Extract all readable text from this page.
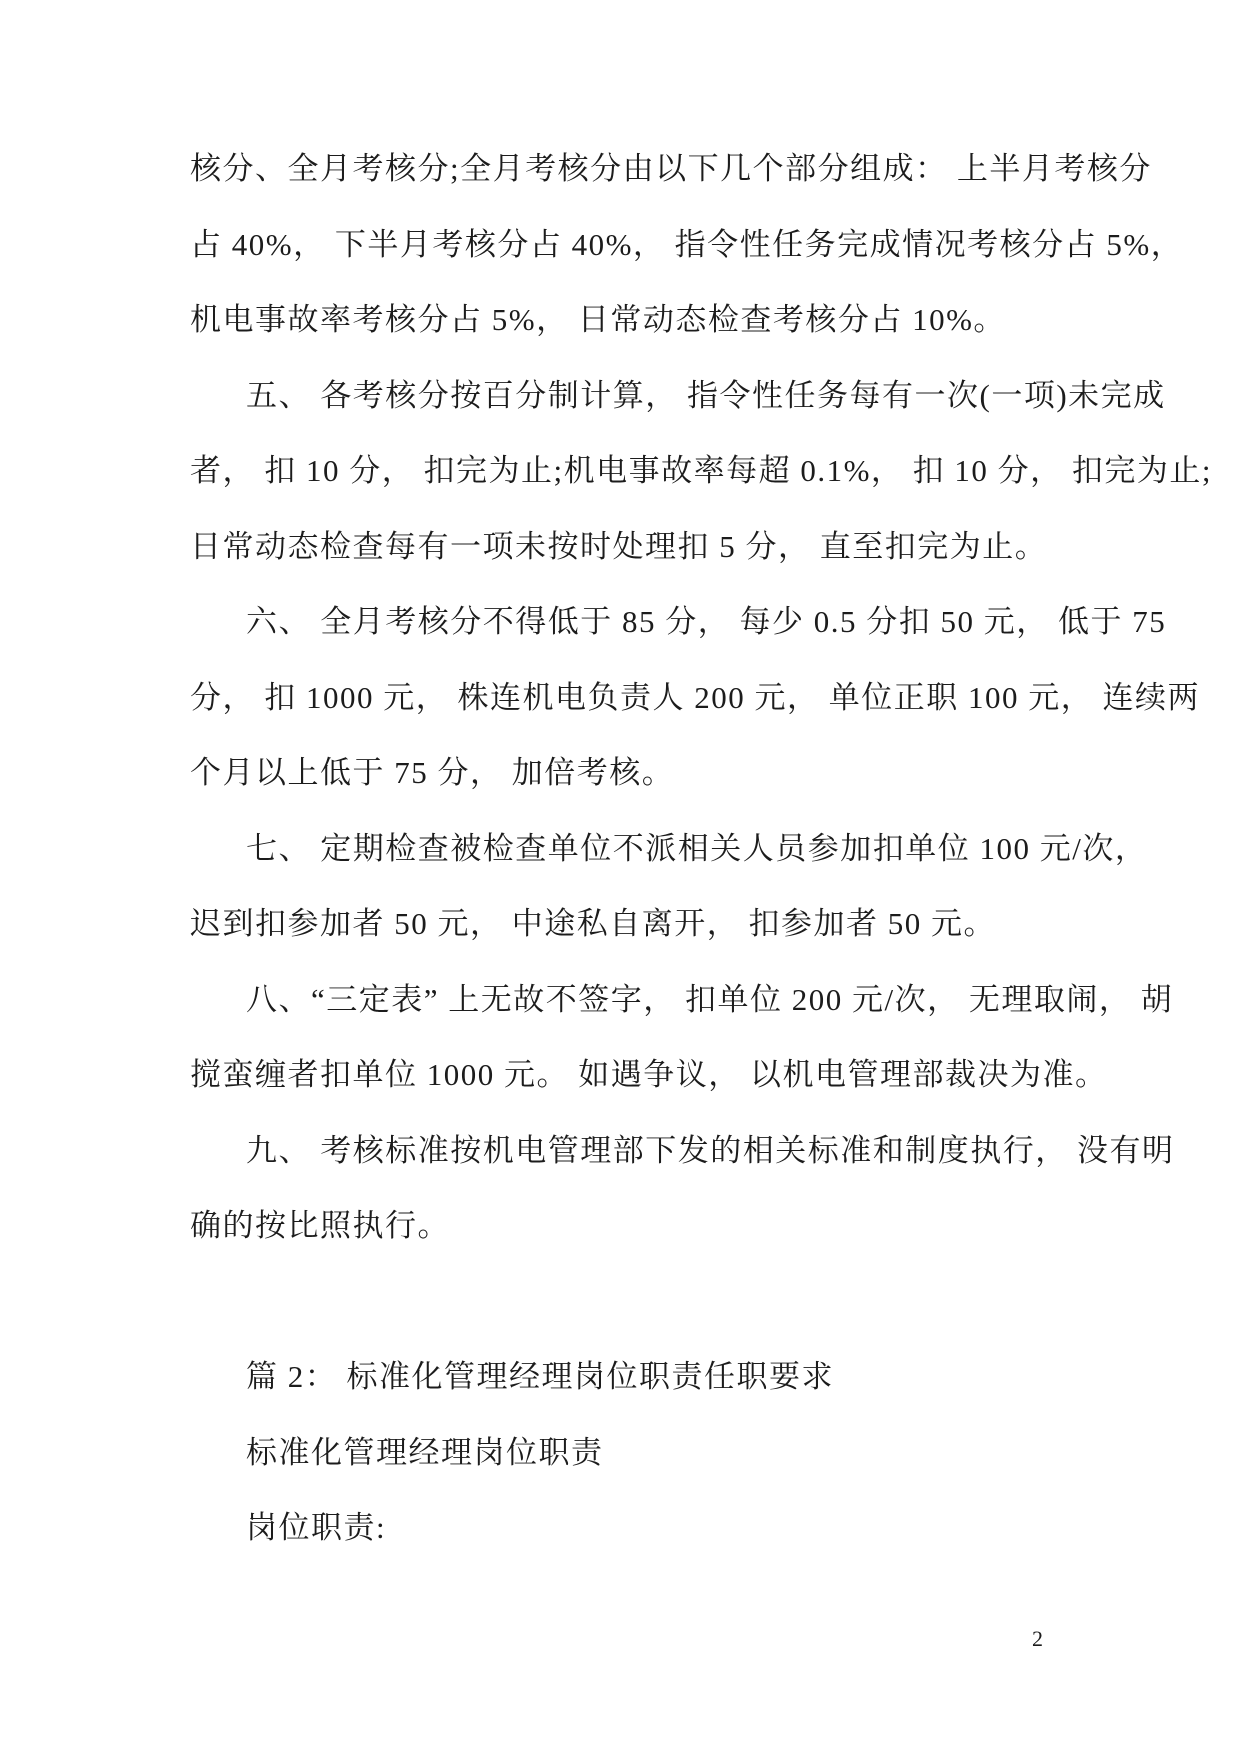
核分、全月考核分;全月考核分由以下几个部分组成： 上半月考核分
占 40%， 下半月考核分占 40%， 指令性任务完成情况考核分占 5%，
机电事故率考核分占 5%， 日常动态检查考核分占 10%。
五、 各考核分按百分制计算， 指令性任务每有一次(一项)未完成
者， 扣 10 分， 扣完为止;机电事故率每超 0.1%， 扣 10 分， 扣完为止;
日常动态检查每有一项未按时处理扣 5 分， 直至扣完为止。
六、 全月考核分不得低于 85 分， 每少 0.5 分扣 50 元， 低于 75
分， 扣 1000 元， 株连机电负责人 200 元， 单位正职 100 元， 连续两
个月以上低于 75 分， 加倍考核。
七、 定期检查被检查单位不派相关人员参加扣单位 100 元/次，
迟到扣参加者 50 元， 中途私自离开， 扣参加者 50 元。
八、“三定表” 上无故不签字， 扣单位 200 元/次， 无理取闹， 胡
搅蛮缠者扣单位 1000 元。 如遇争议， 以机电管理部裁决为准。
九、 考核标准按机电管理部下发的相关标准和制度执行， 没有明
确的按比照执行。
篇 2： 标准化管理经理岗位职责任职要求
标准化管理经理岗位职责
岗位职责:
2
